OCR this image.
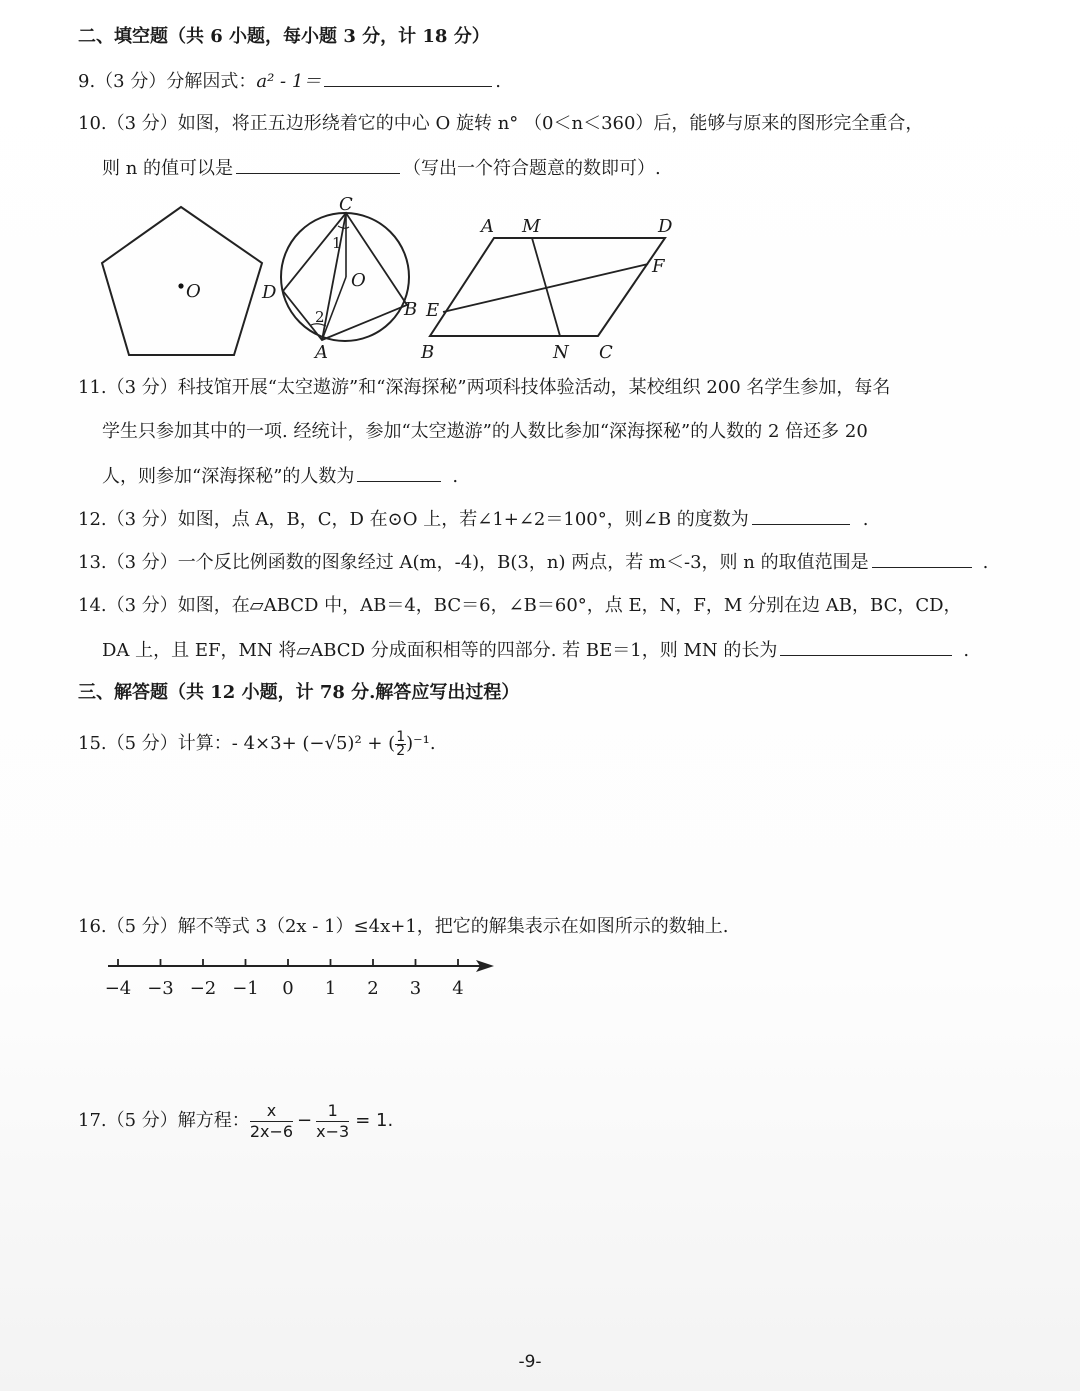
二、填空题（共 6 小题，每小题 3 分，计 18 分）
9.（3 分）分解因式：a² - 1＝	.
10.（3 分）如图，将正五边形绕着它的中心 O 旋转 n° （0＜n＜360）后，能够与原来的图形完全重合，
则 n 的值可以是	（写出一个符合题意的数即可）.
O
C
D
O
B
A
1
2
A M	D
F
E
B	N C
11.（3 分）科技馆开展“太空遨游”和“深海探秘”两项科技体验活动，某校组织 200 名学生参加，每名
学生只参加其中的一项. 经统计，参加“太空遨游”的人数比参加“深海探秘”的人数的 2 倍还多 20
人，则参加“深海探秘”的人数为	.
12.（3 分）如图，点 A，B，C，D 在⊙O 上，若∠1+∠2＝100°，则∠B 的度数为	.
13.（3 分）一个反比例函数的图象经过 A(m，-4)，B(3，n) 两点，若 m＜-3，则 n 的取值范围是	.
14.（3 分）如图，在▱ABCD 中，AB＝4，BC＝6，∠B＝60°，点 E，N，F，M 分别在边 AB，BC，CD，
DA 上，且 EF，MN 将▱ABCD 分成面积相等的四部分. 若 BE＝1，则 MN 的长为	.
三、解答题（共 12 小题，计 78 分.解答应写出过程）
15.（5 分）计算：- 4×3+ (−√5)² + ( $\frac{1}{2} )^{-1}$.
16.（5 分）解不等式 3（2x - 1）≤4x+1，把它的解集表示在如图所示的数轴上.
−4 −3 −2 −1 0 1 2 3 4
17.（5 分）解方程： $\frac{x}{2x-6} - \frac{1}{x-3} = 1$.
-9-
